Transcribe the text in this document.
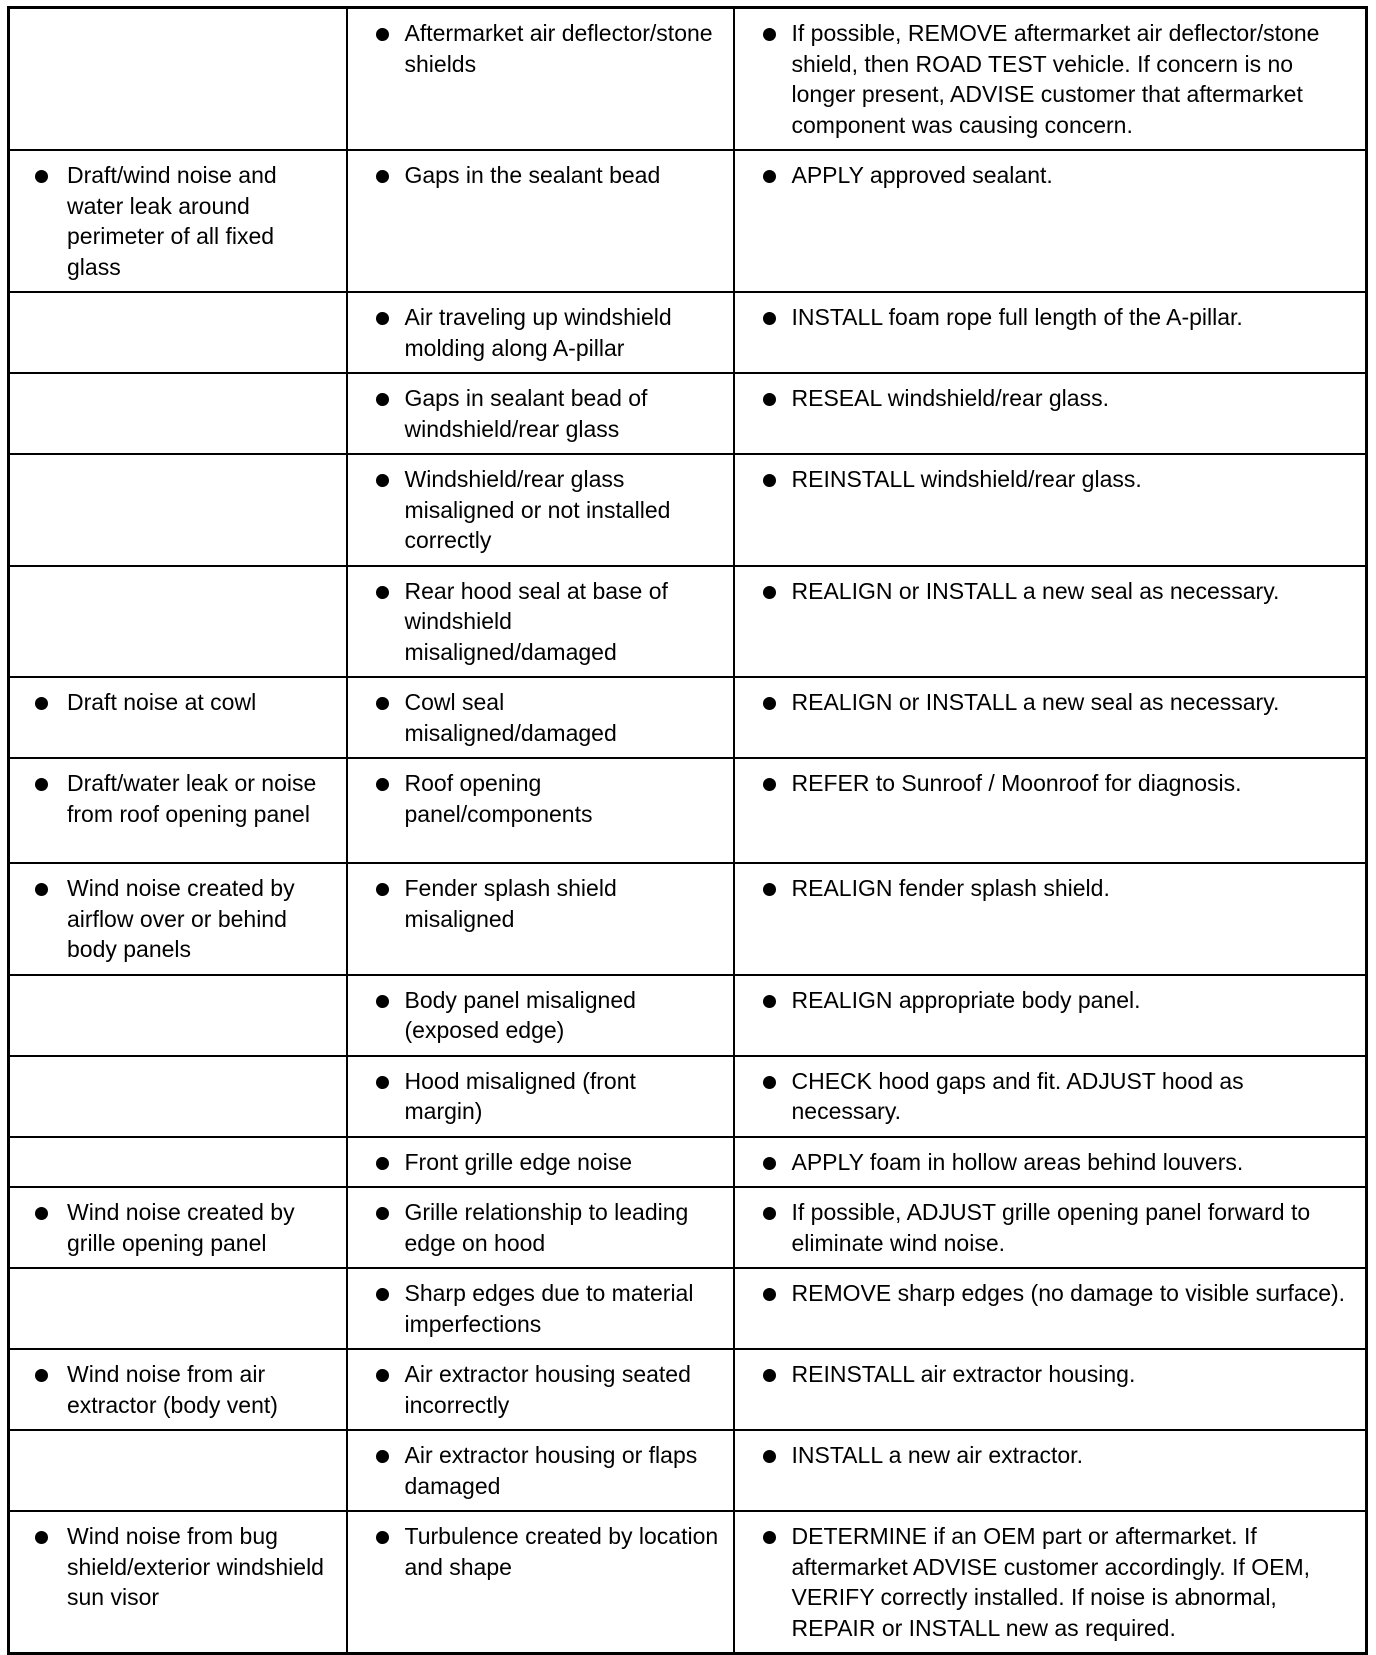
	Aftermarket air deflector/stone shields	If possible, REMOVE aftermarket air deflector/stone shield, then ROAD TEST vehicle. If concern is no longer present, ADVISE customer that aftermarket component was causing concern.

Draft/wind noise and water leak around perimeter of all fixed glass	Gaps in the sealant bead	APPLY approved sealant.

	Air traveling up windshield molding along A-pillar	INSTALL foam rope full length of the A-pillar.

	Gaps in sealant bead of windshield/rear glass	RESEAL windshield/rear glass.

	Windshield/rear glass misaligned or not installed correctly	REINSTALL windshield/rear glass.

	Rear hood seal at base of windshield misaligned/damaged	REALIGN or INSTALL a new seal as necessary.

Draft noise at cowl	Cowl seal misaligned/damaged	REALIGN or INSTALL a new seal as necessary.

Draft/water leak or noise from roof opening panel	Roof opening panel/components	REFER to Sunroof / Moonroof for diagnosis.

Wind noise created by airflow over or behind body panels	Fender splash shield misaligned	REALIGN fender splash shield.

	Body panel misaligned (exposed edge)	REALIGN appropriate body panel.

	Hood misaligned (front margin)	CHECK hood gaps and fit. ADJUST hood as necessary.

	Front grille edge noise	APPLY foam in hollow areas behind louvers.

Wind noise created by grille opening panel	Grille relationship to leading edge on hood	If possible, ADJUST grille opening panel forward to eliminate wind noise.

	Sharp edges due to material imperfections	REMOVE sharp edges (no damage to visible surface).

Wind noise from air extractor (body vent)	Air extractor housing seated incorrectly	REINSTALL air extractor housing.

	Air extractor housing or flaps damaged	INSTALL a new air extractor.

Wind noise from bug shield/exterior windshield sun visor	Turbulence created by location and shape	DETERMINE if an OEM part or aftermarket. If aftermarket ADVISE customer accordingly. If OEM, VERIFY correctly installed. If noise is abnormal, REPAIR or INSTALL new as required.
